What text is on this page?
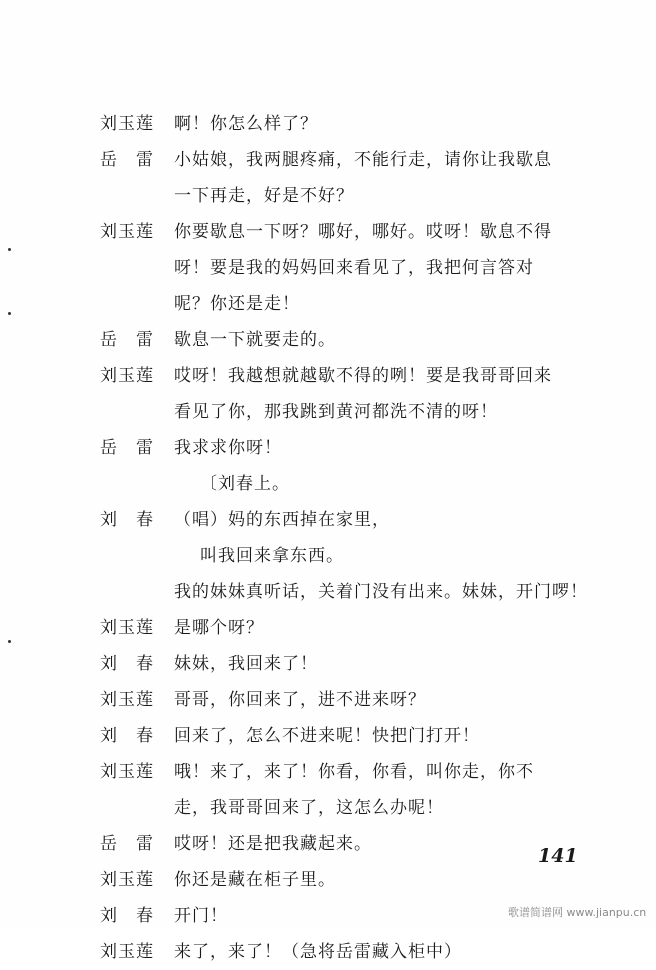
刘玉莲	啊！你怎么样了？
岳　雷	小姑娘，我两腿疼痛，不能行走，请你让我歇息
一下再走，好是不好？
刘玉莲	你要歇息一下呀？哪好，哪好。哎呀！歇息不得
呀！要是我的妈妈回来看见了，我把何言答对
呢？你还是走！
岳　雷	歇息一下就要走的。
刘玉莲	哎呀！我越想就越歇不得的咧！要是我哥哥回来
看见了你，那我跳到黄河都洗不清的呀！
岳　雷	我求求你呀！
〔刘春上。
刘　春	（唱）妈的东西掉在家里，
叫我回来拿东西。
我的妹妹真听话，关着门没有出来。妹妹，开门啰！
刘玉莲	是哪个呀？
刘　春	妹妹，我回来了！
刘玉莲	哥哥，你回来了，进不进来呀？
刘　春	回来了，怎么不进来呢！快把门打开！
刘玉莲	哦！来了，来了！你看，你看，叫你走，你不
走，我哥哥回来了，这怎么办呢！
岳　雷	哎呀！还是把我藏起来。
刘玉莲	你还是藏在柜子里。
刘　春	开门！
刘玉莲	来了，来了！（急将岳雷藏入柜中）
141
歌谱简谱网 www.jianpu.cn
